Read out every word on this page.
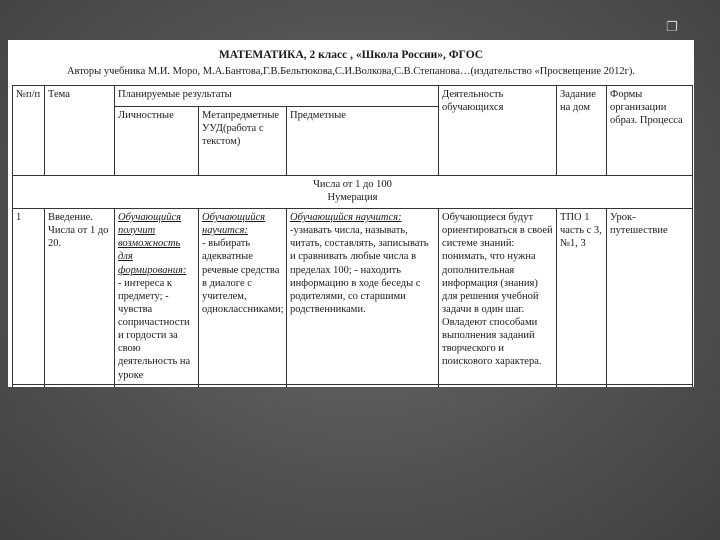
❐
МАТЕМАТИКА, 2 класс , «Школа России», ФГОС
Авторы учебника М.И. Моро, М.А.Бантова,Г.В.Бельтюкова,С.И.Волкова,С.В.Степанова…(издательство «Просвещение 2012г).
№п/п	Тема	Планируемые результаты			Деятельность обучающихся	Задание на дом	Формы организации образ. Процесса
		Личностные	Метапредметные УУД(работа с текстом)	Предметные			

Числа от 1 до 100
Нумерация							

1	Введение. Числа от 1 до 20.	Обучающийся получит возможность для формирования:
- интереса к предмету; - чувства сопричастности и гордости за свою деятельность на уроке	Обучающийся научится:
- выбирать адекватные речевые средства в диалоге с учителем, одноклассниками;	Обучающийся научится:
-узнавать числа, называть, читать, составлять, записывать и сравнивать любые числа в пределах 100; - находить информацию в ходе беседы с родителями, со старшими родственниками.	Обучающиеся будут ориентироваться в своей системе знаний: понимать, что нужна дополнительная информация (знания) для решения учебной задачи в один шаг. Овладеют способами выполнения заданий творческого и поискового характера.	ТПО 1 часть с 3, №1, 3	Урок-путешествие
